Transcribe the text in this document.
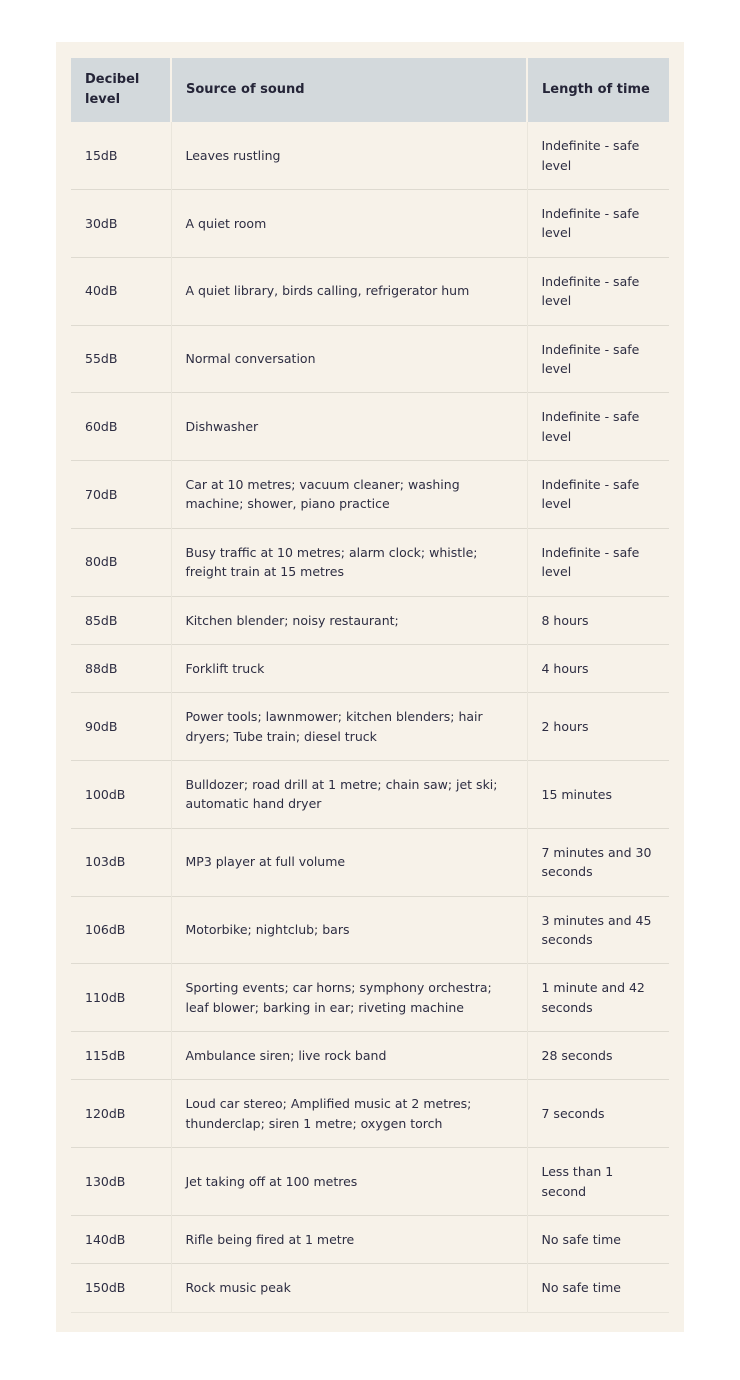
Decibel level	Source of sound	Length of time
15dB	Leaves rustling	Indefinite - safe level
30dB	A quiet room	Indefinite - safe level
40dB	A quiet library, birds calling, refrigerator hum	Indefinite - safe level
55dB	Normal conversation	Indefinite - safe level
60dB	Dishwasher	Indefinite - safe level
70dB	Car at 10 metres; vacuum cleaner; washing machine; shower, piano practice	Indefinite - safe level
80dB	Busy traffic at 10 metres; alarm clock; whistle; freight train at 15 metres	Indefinite - safe level
85dB	Kitchen blender; noisy restaurant;	8 hours
88dB	Forklift truck	4 hours
90dB	Power tools; lawnmower; kitchen blenders; hair dryers; Tube train; diesel truck	2 hours
100dB	Bulldozer; road drill at 1 metre; chain saw; jet ski; automatic hand dryer	15 minutes
103dB	MP3 player at full volume	7 minutes and 30 seconds
106dB	Motorbike; nightclub; bars	3 minutes and 45 seconds
110dB	Sporting events; car horns; symphony orchestra; leaf blower; barking in ear; riveting machine	1 minute and 42 seconds
115dB	Ambulance siren; live rock band	28 seconds
120dB	Loud car stereo; Amplified music at 2 metres; thunderclap; siren 1 metre; oxygen torch	7 seconds
130dB	Jet taking off at 100 metres	Less than 1 second
140dB	Rifle being fired at 1 metre	No safe time
150dB	Rock music peak	No safe time
